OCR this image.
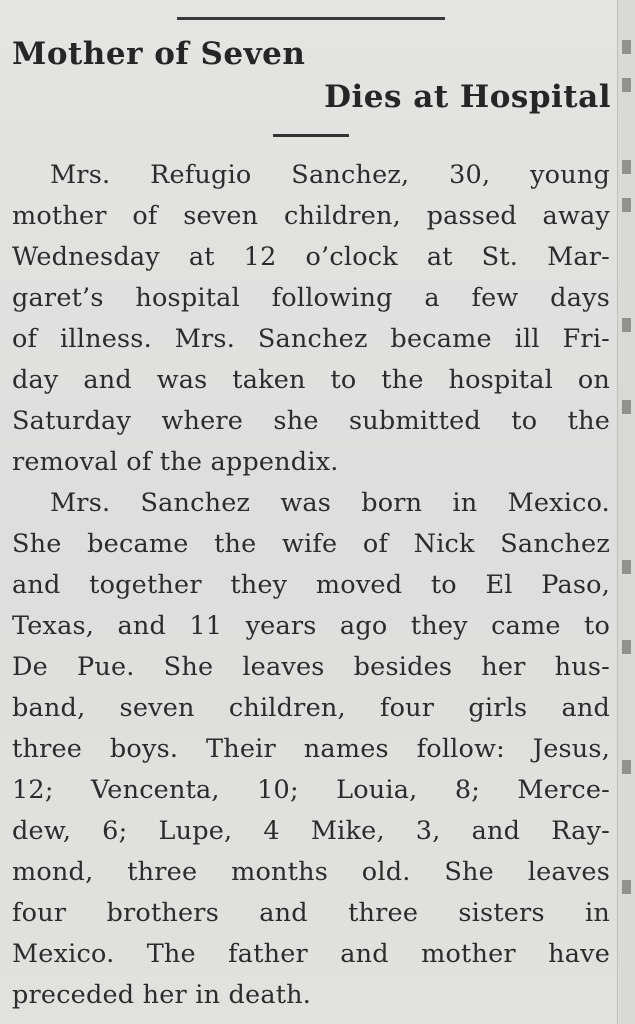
Mother of Seven
Dies at Hospital
Mrs. Refugio Sanchez, 30, young
mother of seven children, passed away
Wednesday at 12 o’clock at St. Mar-
garet’s hospital following a few days
of illness. Mrs. Sanchez became ill Fri-
day and was taken to the hospital on
Saturday where she submitted to the
removal of the appendix.
Mrs. Sanchez was born in Mexico.
She became the wife of Nick Sanchez
and together they moved to El Paso,
Texas, and 11 years ago they came to
De Pue. She leaves besides her hus-
band, seven children, four girls and
three boys. Their names follow: Jesus,
12; Vencenta, 10; Louia, 8; Merce-
dew, 6; Lupe, 4 Mike, 3, and Ray-
mond, three months old. She leaves
four brothers and three sisters in
Mexico. The father and mother have
preceded her in death.
